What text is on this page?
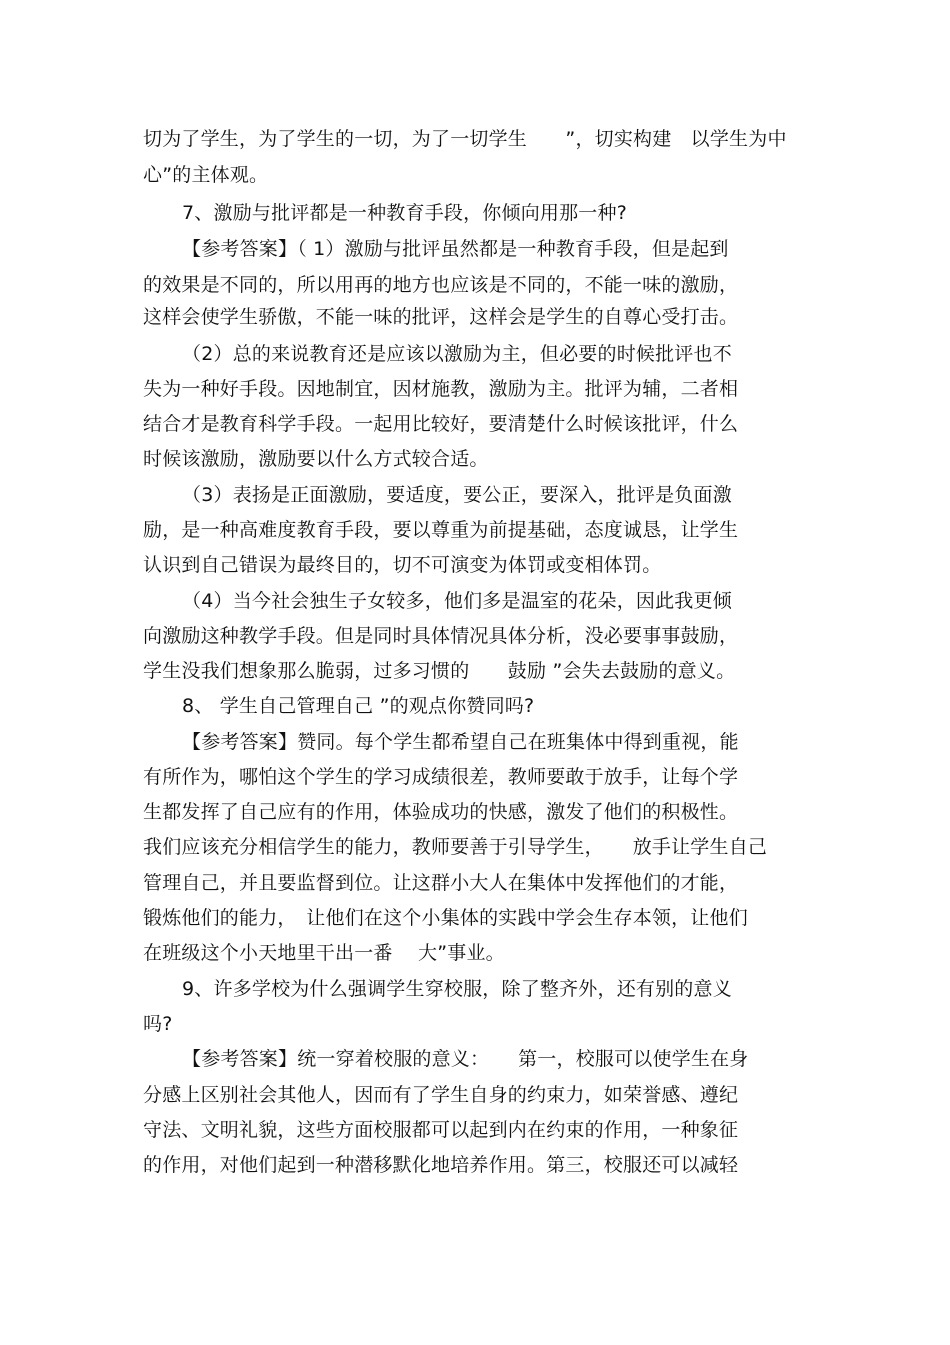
切为了学生，为了学生的一切，为了一切学生　　”，切实构建　以学生为中
心”的主体观。
7、激励与批评都是一种教育手段，你倾向用那一种?
【参考答案】（ 1）激励与批评虽然都是一种教育手段，但是起到
的效果是不同的，所以用再的地方也应该是不同的，不能一味的激励，
这样会使学生骄傲，不能一味的批评，这样会是学生的自尊心受打击。
（2）总的来说教育还是应该以激励为主，但必要的时候批评也不
失为一种好手段。因地制宜，因材施教，激励为主。批评为辅，二者相
结合才是教育科学手段。一起用比较好，要清楚什么时候该批评，什么
时候该激励，激励要以什么方式较合适。
（3）表扬是正面激励，要适度，要公正，要深入，批评是负面激
励，是一种高难度教育手段，要以尊重为前提基础，态度诚恳，让学生
认识到自己错误为最终目的，切不可演变为体罚或变相体罚。
（4）当今社会独生子女较多，他们多是温室的花朵，因此我更倾
向激励这种教学手段。但是同时具体情况具体分析，没必要事事鼓励，
学生没我们想象那么脆弱，过多习惯的　　鼓励 ”会失去鼓励的意义。
8、 学生自己管理自己 ”的观点你赞同吗?
【参考答案】赞同。每个学生都希望自己在班集体中得到重视，能
有所作为，哪怕这个学生的学习成绩很差，教师要敢于放手，让每个学
生都发挥了自己应有的作用，体验成功的快感，激发了他们的积极性。
我们应该充分相信学生的能力，教师要善于引导学生，　　放手让学生自己
管理自己，并且要监督到位。让这群小大人在集体中发挥他们的才能，
锻炼他们的能力，　让他们在这个小集体的实践中学会生存本领，让他们
在班级这个小天地里干出一番　 大”事业。
9、许多学校为什么强调学生穿校服，除了整齐外，还有别的意义
吗?
【参考答案】统一穿着校服的意义：　　第一，校服可以使学生在身
分感上区别社会其他人，因而有了学生自身的约束力，如荣誉感、遵纪
守法、文明礼貌，这些方面校服都可以起到内在约束的作用，一种象征
的作用，对他们起到一种潜移默化地培养作用。第三，校服还可以减轻
